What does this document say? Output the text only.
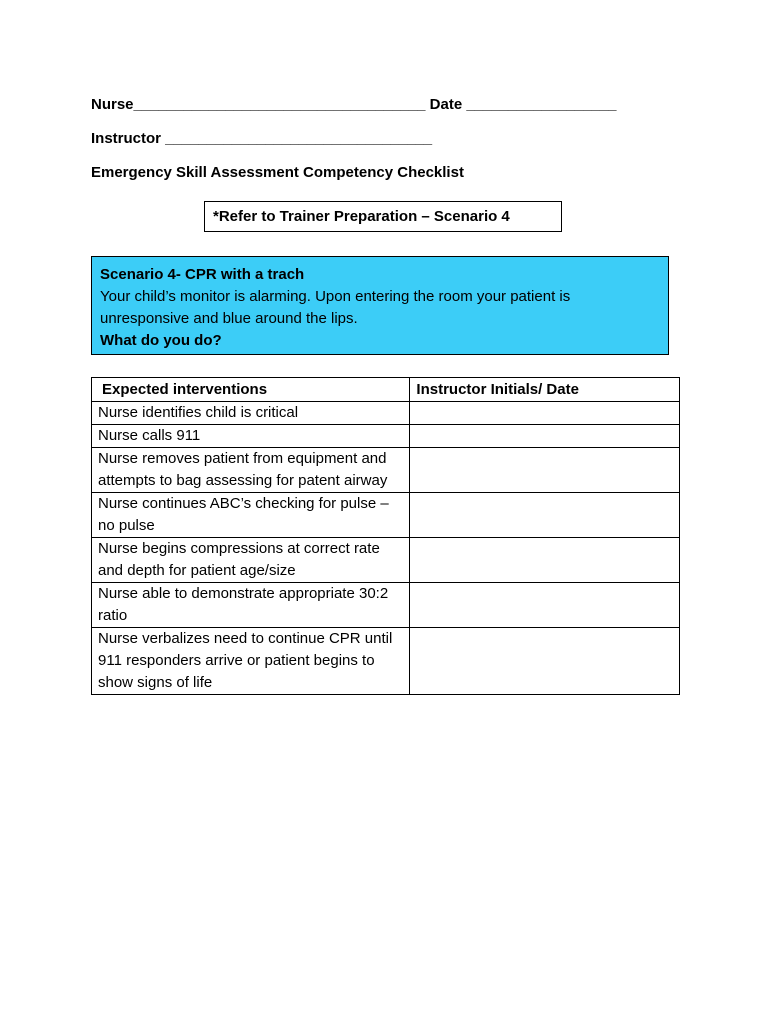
Nurse___________________________________ Date __________________
Instructor ________________________________
Emergency Skill Assessment Competency Checklist
*Refer to Trainer Preparation – Scenario 4
Scenario 4- CPR with a trach
Your child’s monitor is alarming. Upon entering the room your patient is unresponsive and blue around the lips.
What do you do?
Expected interventions	Instructor Initials/ Date
Nurse identifies child is critical	
Nurse calls 911	
Nurse removes patient from equipment and attempts to bag assessing for patent airway	
Nurse continues ABC’s checking for pulse – no pulse	
Nurse begins compressions at correct rate and depth for patient age/size	
Nurse able to demonstrate appropriate 30:2 ratio	
Nurse verbalizes need to continue CPR until 911 responders arrive or patient begins to show signs of life	
